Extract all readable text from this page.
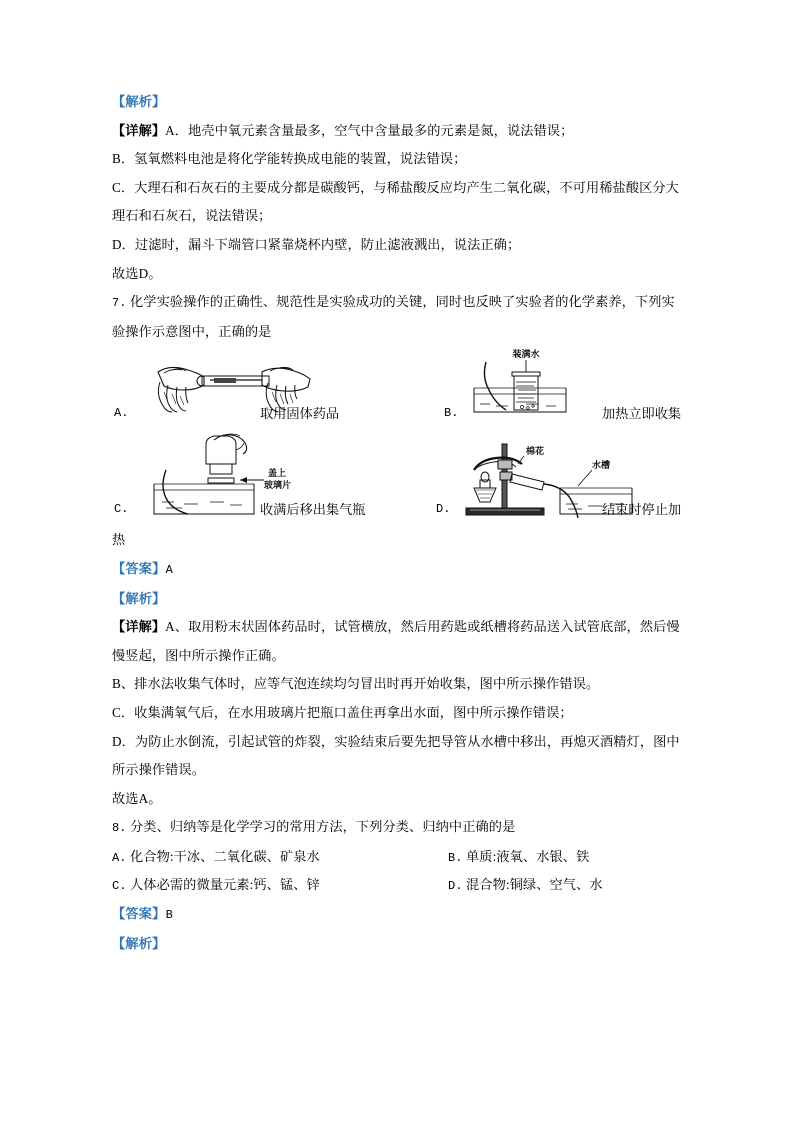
【解析】
【详解】A．地壳中氧元素含量最多，空气中含量最多的元素是氮，说法错误；
B．氢氧燃料电池是将化学能转换成电能的装置，说法错误；
C．大理石和石灰石的主要成分都是碳酸钙，与稀盐酸反应均产生二氧化碳，不可用稀盐酸区分大理石和石灰石，说法错误；
D．过滤时，漏斗下端管口紧靠烧杯内壁，防止滤液溅出，说法正确；
故选D。
7. 化学实验操作的正确性、规范性是实验成功的关键，同时也反映了实验者的化学素养，下列实验操作示意图中，正确的是
A.	取用固体药品	B.
装满水
加热立即收集
C.
盖上
玻璃片
收满后移出集气瓶	D.
棉花
水槽
结束时停止加
热
【答案】A
【解析】
【详解】A、取用粉末状固体药品时，试管横放，然后用药匙或纸槽将药品送入试管底部，然后慢慢竖起，图中所示操作正确。
B、排水法收集气体时，应等气泡连续均匀冒出时再开始收集，图中所示操作错误。
C．收集满氧气后，在水用玻璃片把瓶口盖住再拿出水面，图中所示操作错误；
D．为防止水倒流，引起试管的炸裂，实验结束后要先把导管从水槽中移出，再熄灭酒精灯，图中所示操作错误。
故选A。
8. 分类、归纳等是化学学习的常用方法，下列分类、归纳中正确的是

A. 化合物:干冰、二氧化碳、矿泉水

	B. 单质:液氧、水银、铁

C. 人体必需的微量元素:钙、锰、锌

	D. 混合物:铜绿、空气、水

【答案】B
【解析】
